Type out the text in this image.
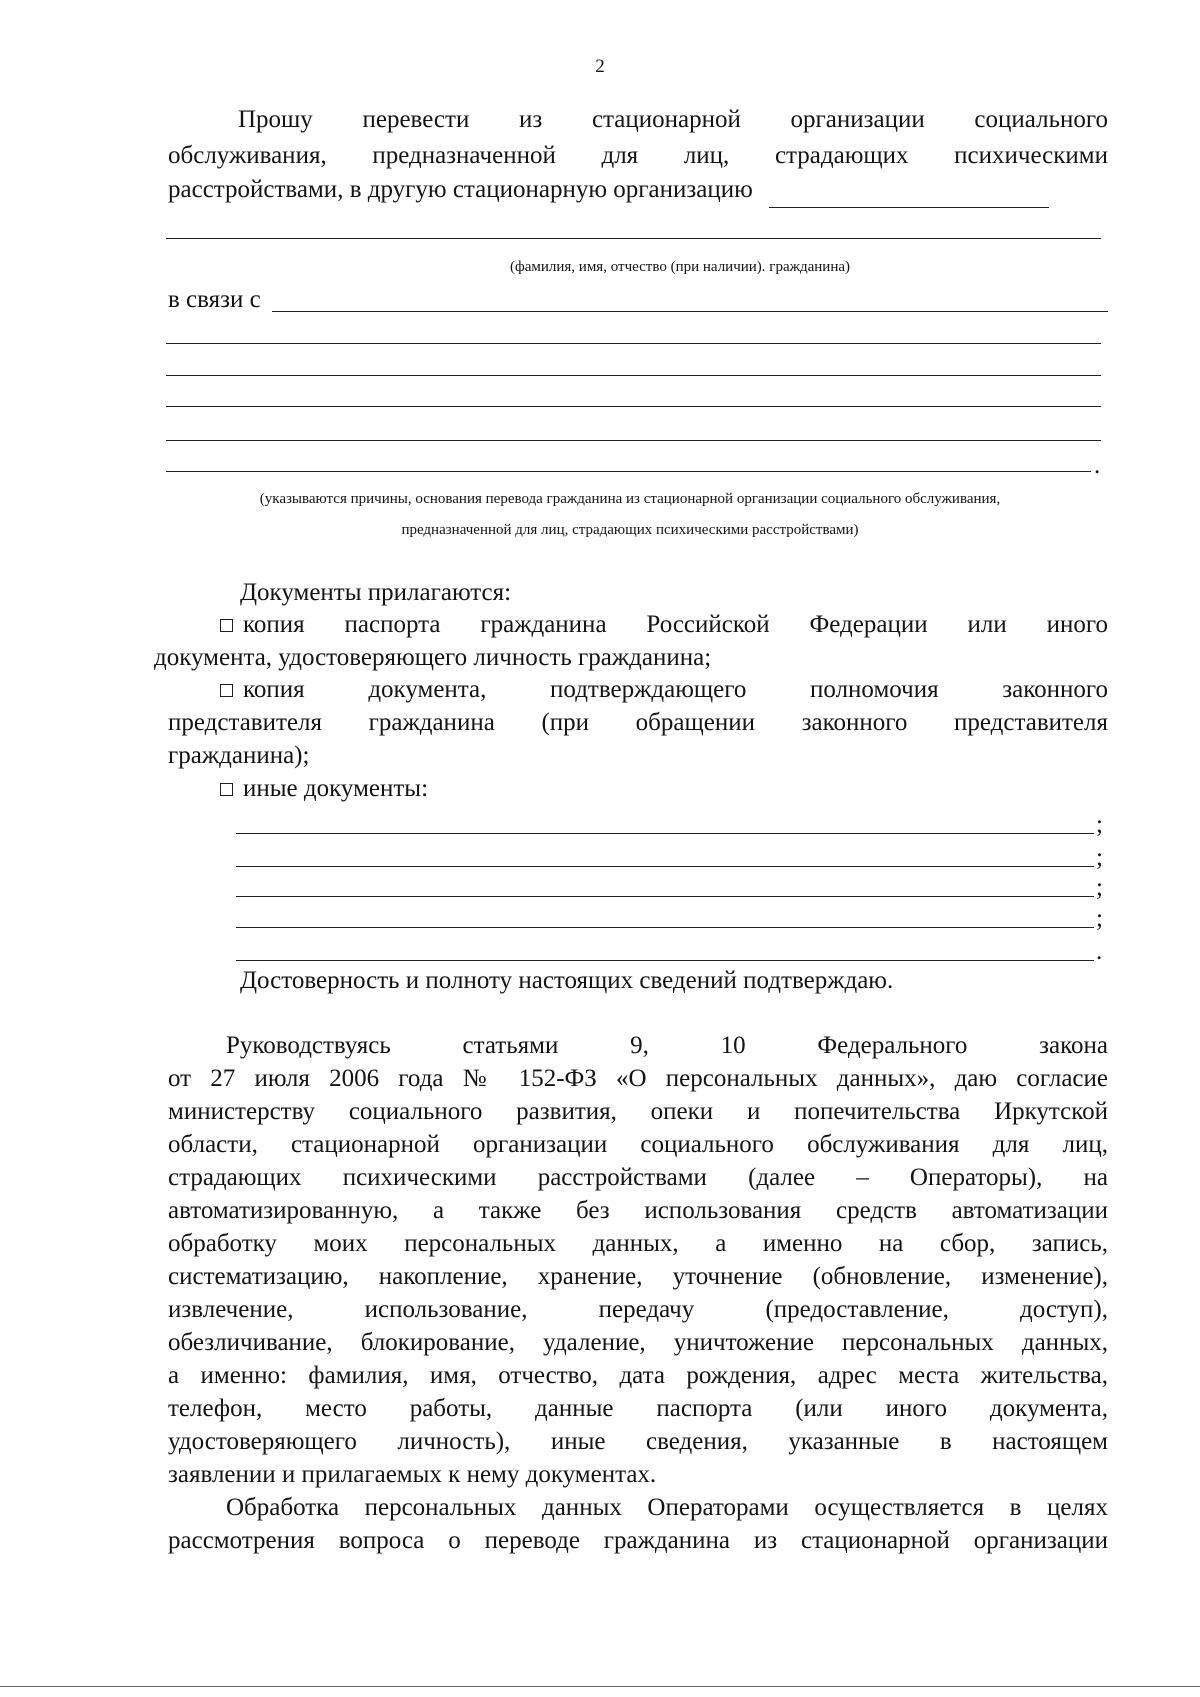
2
Прошу перевести из стационарной организации социального
обслуживания, предназначенной для лиц, страдающих психическими
расстройствами, в другую стационарную организацию
(фамилия, имя, отчество (при наличии). гражданина)
в связи с
.
(указываются причины, основания перевода гражданина из стационарной организации социального обслуживания,
предназначенной для лиц, страдающих психическими расстройствами)
Документы прилагаются:
копия паспорта гражданина Российской Федерации или иного
документа, удостоверяющего личность гражданина;
копия документа, подтверждающего полномочия законного
представителя гражданина (при обращении законного представителя
гражданина);
иные документы:
;
;
;
;
.
Достоверность и полноту настоящих сведений подтверждаю.
Руководствуясь статьями 9, 10 Федерального закона
от 27 июля 2006 года № 152-ФЗ «О персональных данных», даю согласие
министерству социального развития, опеки и попечительства Иркутской
области, стационарной организации социального обслуживания для лиц,
страдающих психическими расстройствами (далее – Операторы), на
автоматизированную, а также без использования средств автоматизации
обработку моих персональных данных, а именно на сбор, запись,
систематизацию, накопление, хранение, уточнение (обновление, изменение),
извлечение, использование, передачу (предоставление, доступ),
обезличивание, блокирование, удаление, уничтожение персональных данных,
а именно: фамилия, имя, отчество, дата рождения, адрес места жительства,
телефон, место работы, данные паспорта (или иного документа,
удостоверяющего личность), иные сведения, указанные в настоящем
заявлении и прилагаемых к нему документах.
Обработка персональных данных Операторами осуществляется в целях
рассмотрения вопроса о переводе гражданина из стационарной организации
